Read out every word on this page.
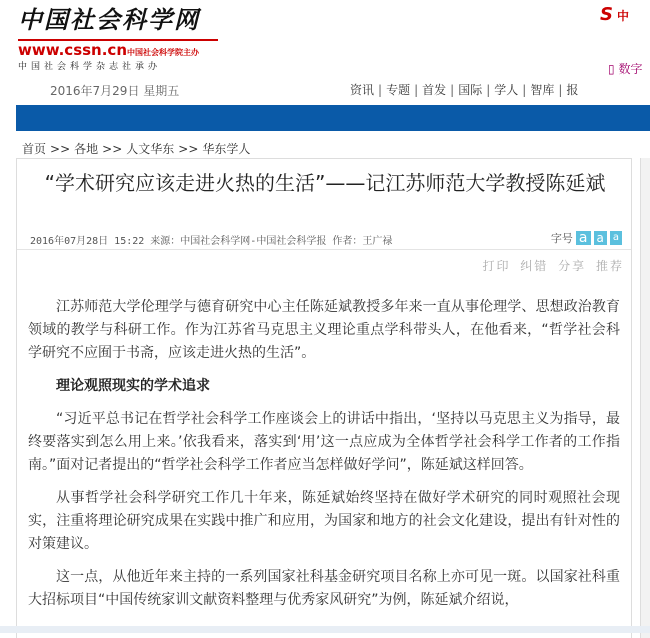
中国社会科学网
www.cssn.cn中国社会科学院主办
中国社会科学杂志社承办
2016年7月29日 星期五
S 中
▯ 数字
资讯 | 专题 | 首发 | 国际 | 学人 | 智库 | 报
首页 >> 各地 >> 人文华东 >> 华东学人
“学术研究应该走进火热的生活”——记江苏师范大学教授陈延斌
2016年07月28日 15:22 来源：中国社会科学网-中国社会科学报 作者：王广禄	字号 a a a
打印 纠错 分享 推荐

江苏师范大学伦理学与德育研究中心主任陈延斌教授多年来一直从事伦理学、思想政治教育领域的教学与科研工作。作为江苏省马克思主义理论重点学科带头人，在他看来，“哲学社会科学研究不应囿于书斋，应该走进火热的生活”。

理论观照现实的学术追求

“习近平总书记在哲学社会科学工作座谈会上的讲话中指出，‘坚持以马克思主义为指导，最终要落实到怎么用上来。’依我看来，落实到‘用’这一点应成为全体哲学社会科学工作者的工作指南。”面对记者提出的“哲学社会科学工作者应当怎样做好学问”，陈延斌这样回答。

从事哲学社会科学研究工作几十年来，陈延斌始终坚持在做好学术研究的同时观照社会现实，注重将理论研究成果在实践中推广和应用，为国家和地方的社会文化建设，提出有针对性的对策建议。

这一点，从他近年来主持的一系列国家社科基金研究项目名称上亦可见一斑。以国家社科重大招标项目“中国传统家训文献资料整理与优秀家风研究”为例，陈延斌介绍说，
